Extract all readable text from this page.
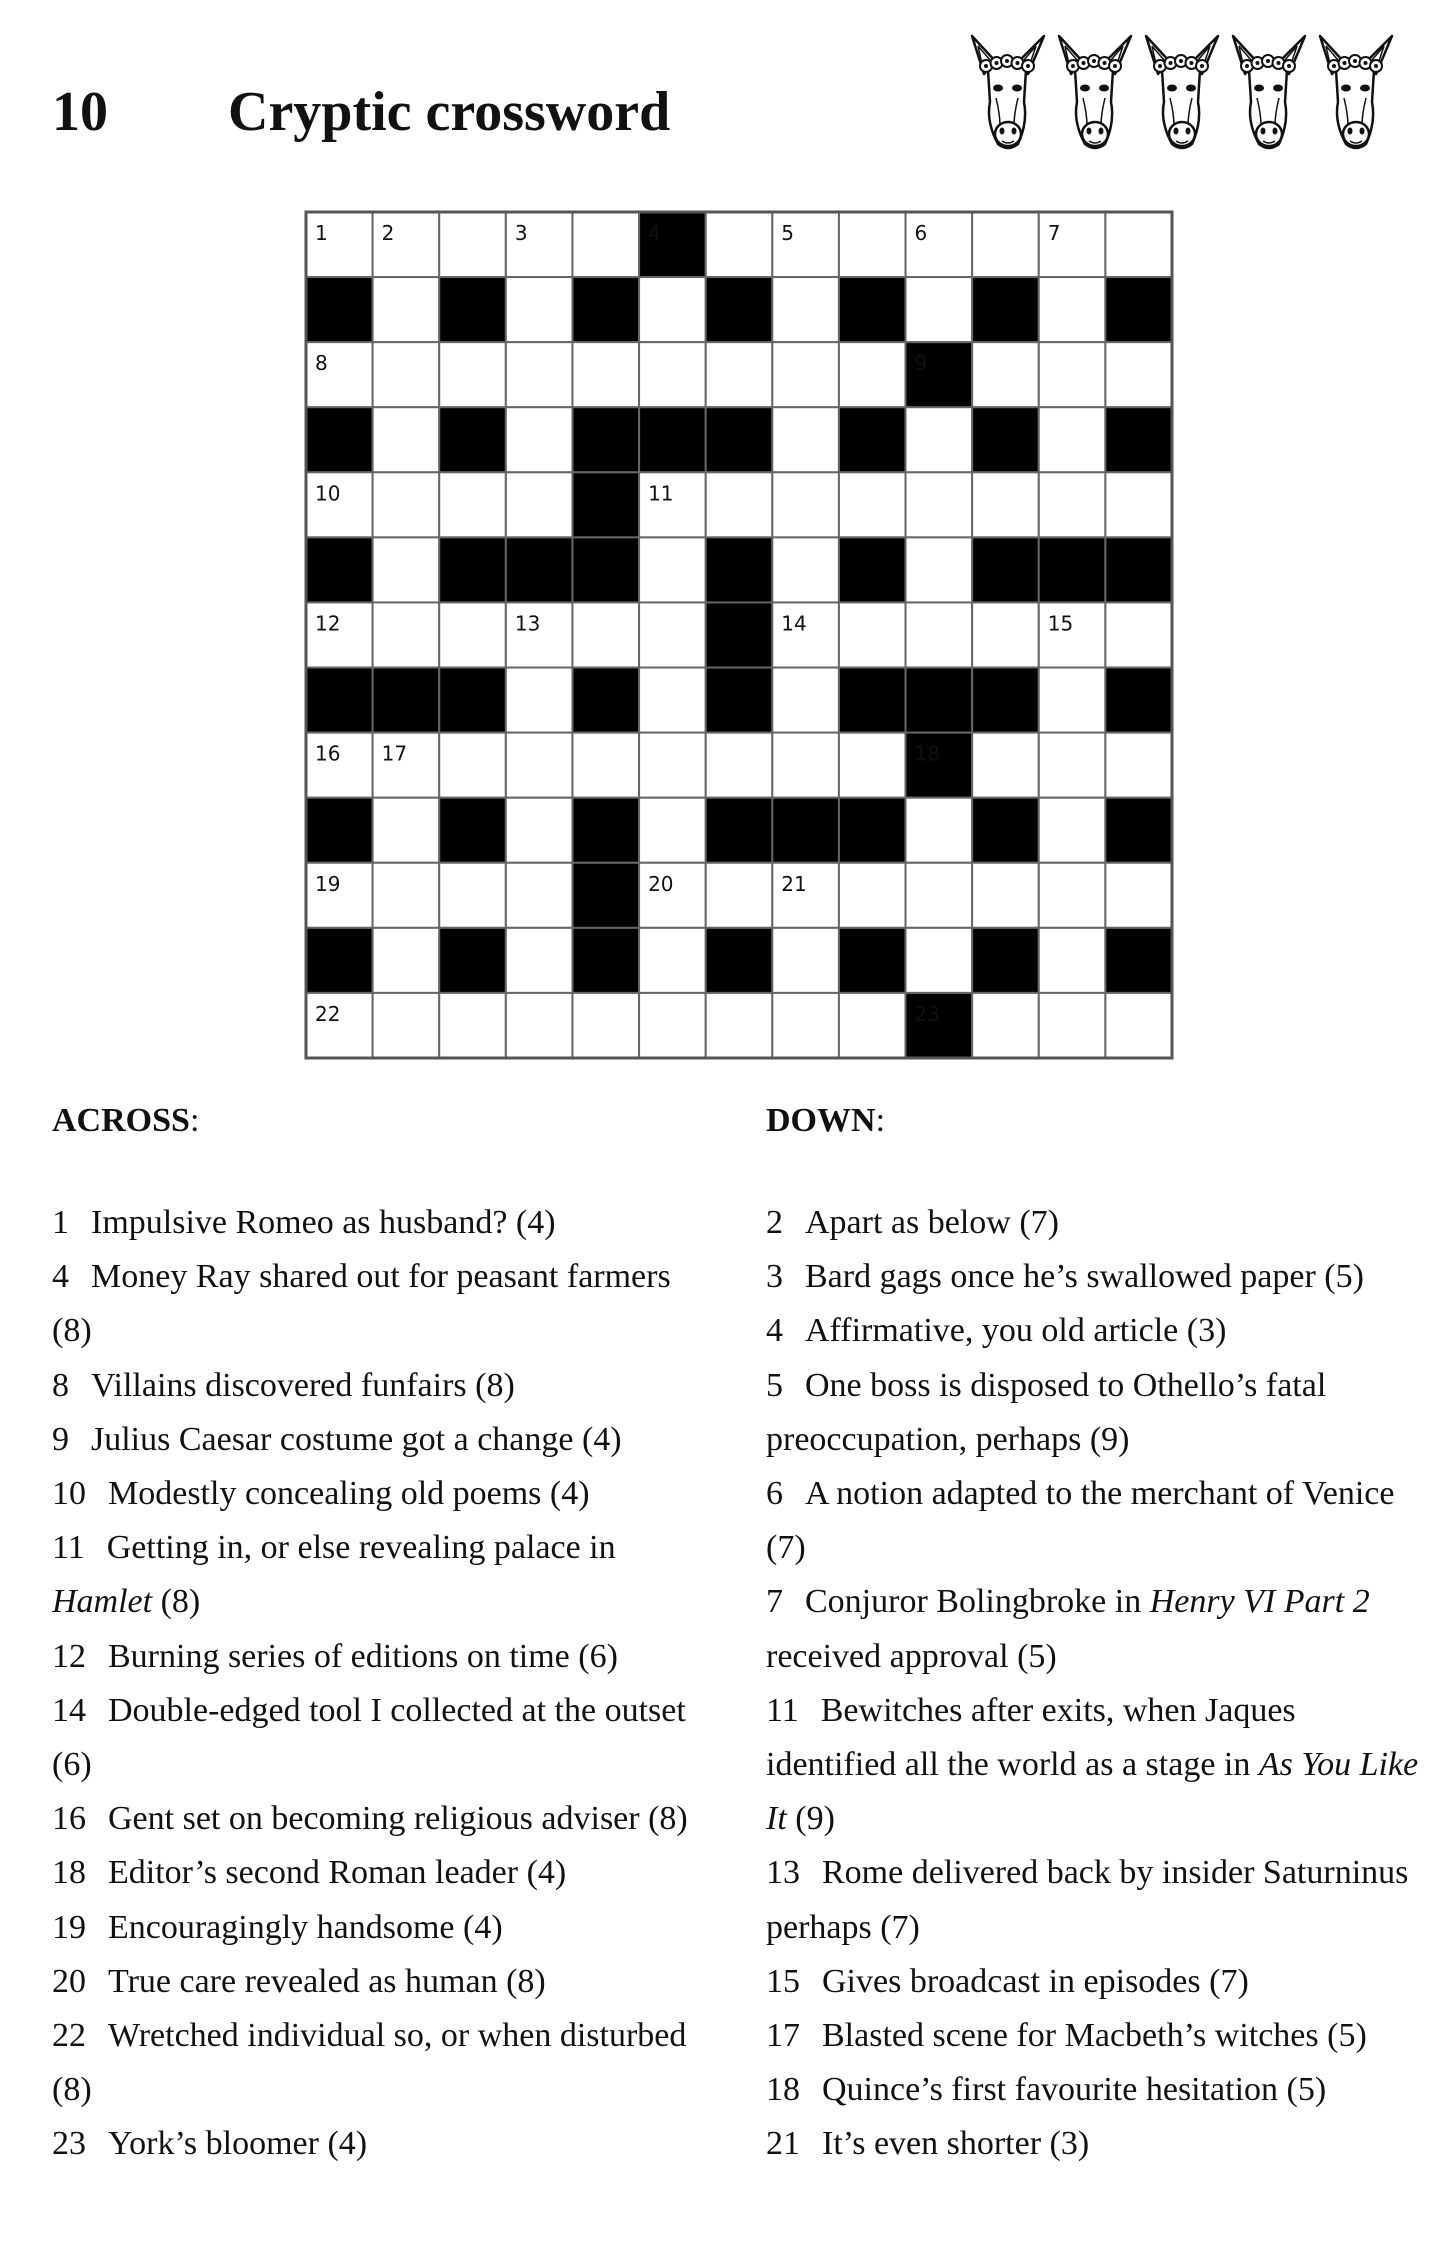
10 Cryptic crossword
1	2	3	4	5	6	7
8	9
10	11
12	13	14	15
16 17	18
19	20	21
22	23
ACROSS:	DOWN:

1 Impulsive Romeo as husband? (4)

4 Money Ray shared out for peasant farmers (8)

8 Villains discovered funfairs (8)

9 Julius Caesar costume got a change (4)

10 Modestly concealing old poems (4)

11 Getting in, or else revealing palace in Hamlet (8)

12 Burning series of editions on time (6)

14 Double-edged tool I collected at the outset (6)

16 Gent set on becoming religious adviser (8)

18 Editor’s second Roman leader (4)

19 Encouragingly handsome (4)

20 True care revealed as human (8)

22 Wretched individual so, or when disturbed (8)

23 York’s bloomer (4)

2 Apart as below (7)

3 Bard gags once he’s swallowed paper (5)

4 Affirmative, you old article (3)

5 One boss is disposed to Othello’s fatal preoccupation, perhaps (9)

6 A notion adapted to the merchant of Venice (7)

7 Conjuror Bolingbroke in Henry VI Part 2 received approval (5)

11 Bewitches after exits, when Jaques identified all the world as a stage in As You Like It (9)

13 Rome delivered back by insider Saturninus perhaps (7)

15 Gives broadcast in episodes (7)

17 Blasted scene for Macbeth’s witches (5)

18 Quince’s first favourite hesitation (5)

21 It’s even shorter (3)
